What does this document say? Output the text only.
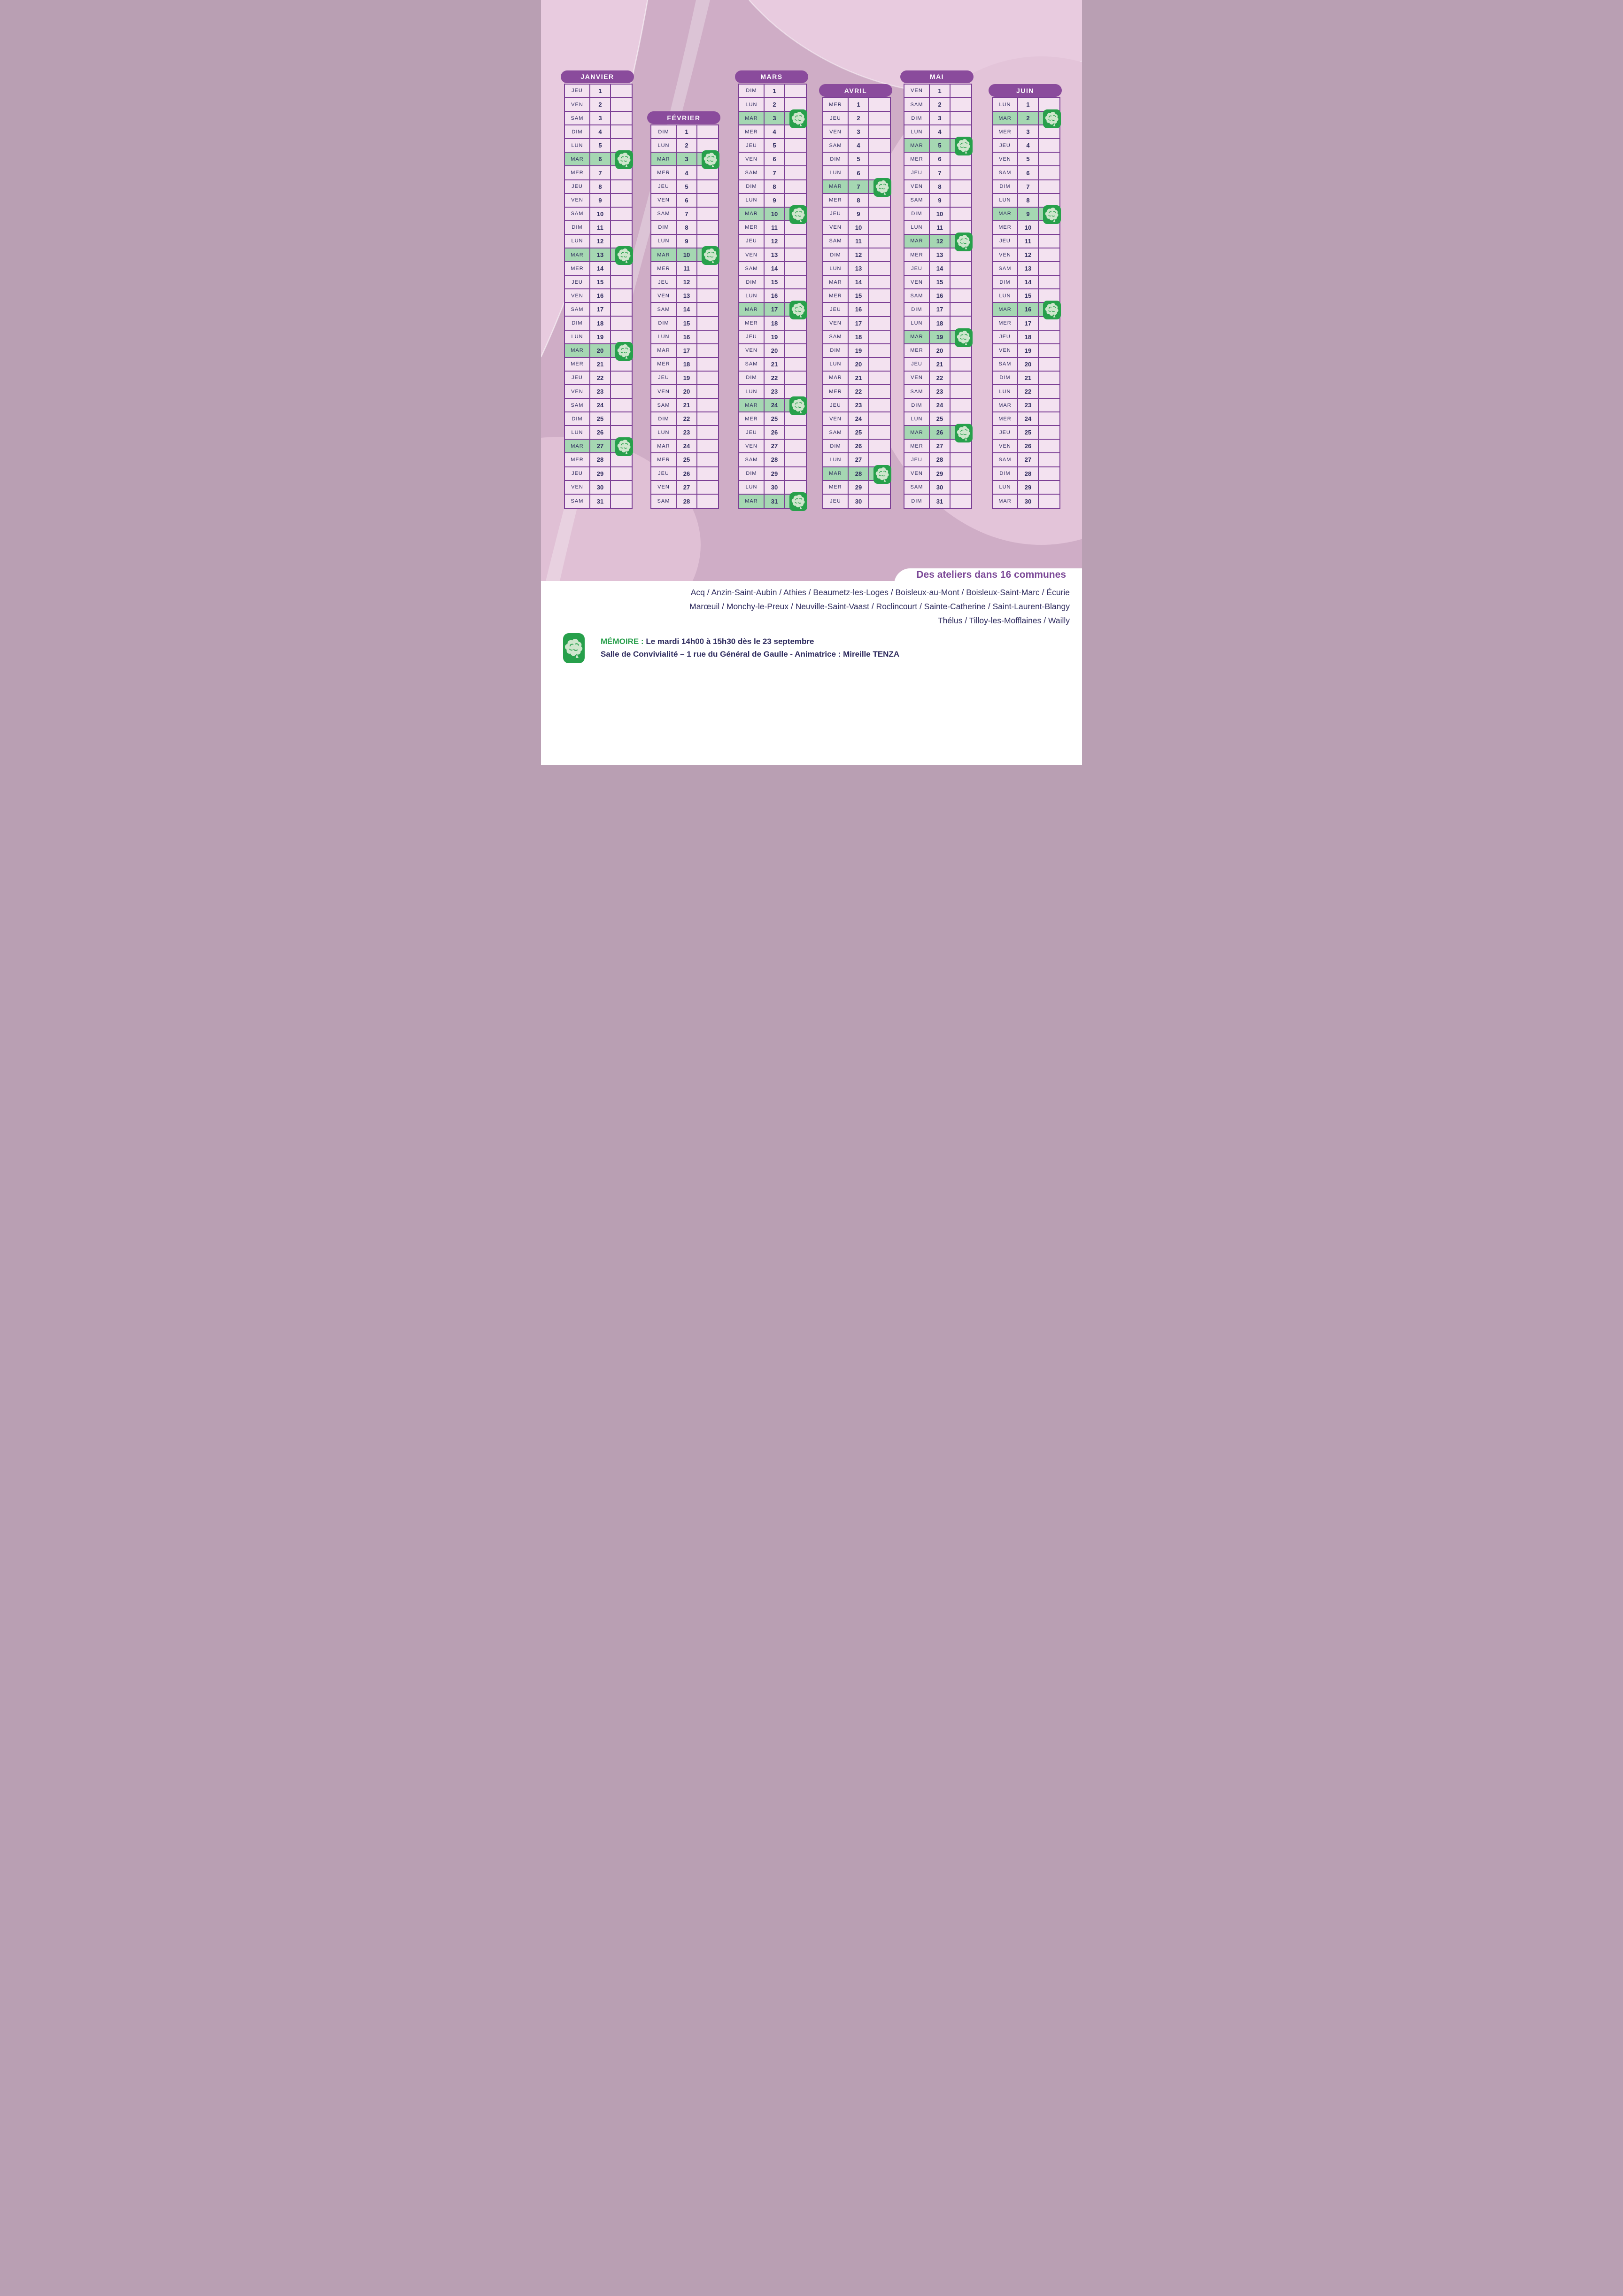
JANVIER
JEU	1
VEN	2
SAM	3
DIM	4
LUN	5
MAR	6
MER	7
JEU	8
VEN	9
SAM	10
DIM	11
LUN	12
MAR	13
MER	14
JEU	15
VEN	16
SAM	17
DIM	18
LUN	19
MAR	20
MER	21
JEU	22
VEN	23
SAM	24
DIM	25
LUN	26
MAR	27
MER	28
JEU	29
VEN	30
SAM	31
FÉVRIER
DIM	1
LUN	2
MAR	3
MER	4
JEU	5
VEN	6
SAM	7
DIM	8
LUN	9
MAR	10
MER	11
JEU	12
VEN	13
SAM	14
DIM	15
LUN	16
MAR	17
MER	18
JEU	19
VEN	20
SAM	21
DIM	22
LUN	23
MAR	24
MER	25
JEU	26
VEN	27
SAM	28
MARS
DIM	1
LUN	2
MAR	3
MER	4
JEU	5
VEN	6
SAM	7
DIM	8
LUN	9
MAR	10
MER	11
JEU	12
VEN	13
SAM	14
DIM	15
LUN	16
MAR	17
MER	18
JEU	19
VEN	20
SAM	21
DIM	22
LUN	23
MAR	24
MER	25
JEU	26
VEN	27
SAM	28
DIM	29
LUN	30
MAR	31
AVRIL
MER	1
JEU	2
VEN	3
SAM	4
DIM	5
LUN	6
MAR	7
MER	8
JEU	9
VEN	10
SAM	11
DIM	12
LUN	13
MAR	14
MER	15
JEU	16
VEN	17
SAM	18
DIM	19
LUN	20
MAR	21
MER	22
JEU	23
VEN	24
SAM	25
DIM	26
LUN	27
MAR	28
MER	29
JEU	30
MAI
VEN	1
SAM	2
DIM	3
LUN	4
MAR	5
MER	6
JEU	7
VEN	8
SAM	9
DIM	10
LUN	11
MAR	12
MER	13
JEU	14
VEN	15
SAM	16
DIM	17
LUN	18
MAR	19
MER	20
JEU	21
VEN	22
SAM	23
DIM	24
LUN	25
MAR	26
MER	27
JEU	28
VEN	29
SAM	30
DIM	31
JUIN
LUN	1
MAR	2
MER	3
JEU	4
VEN	5
SAM	6
DIM	7
LUN	8
MAR	9
MER	10
JEU	11
VEN	12
SAM	13
DIM	14
LUN	15
MAR	16
MER	17
JEU	18
VEN	19
SAM	20
DIM	21
LUN	22
MAR	23
MER	24
JEU	25
VEN	26
SAM	27
DIM	28
LUN	29
MAR	30
Des ateliers dans 16 communes
Acq / Anzin-Saint-Aubin / Athies / Beaumetz-les-Loges / Boisleux-au-Mont / Boisleux-Saint-Marc / Écurie
Marœuil / Monchy-le-Preux / Neuville-Saint-Vaast / Roclincourt / Sainte-Catherine / Saint-Laurent-Blangy
Thélus / Tilloy-les-Mofflaines / Wailly
MÉMOIRE : Le mardi 14h00 à 15h30 dès le 23 septembre
Salle de Convivialité – 1 rue du Général de Gaulle - Animatrice : Mireille TENZA
